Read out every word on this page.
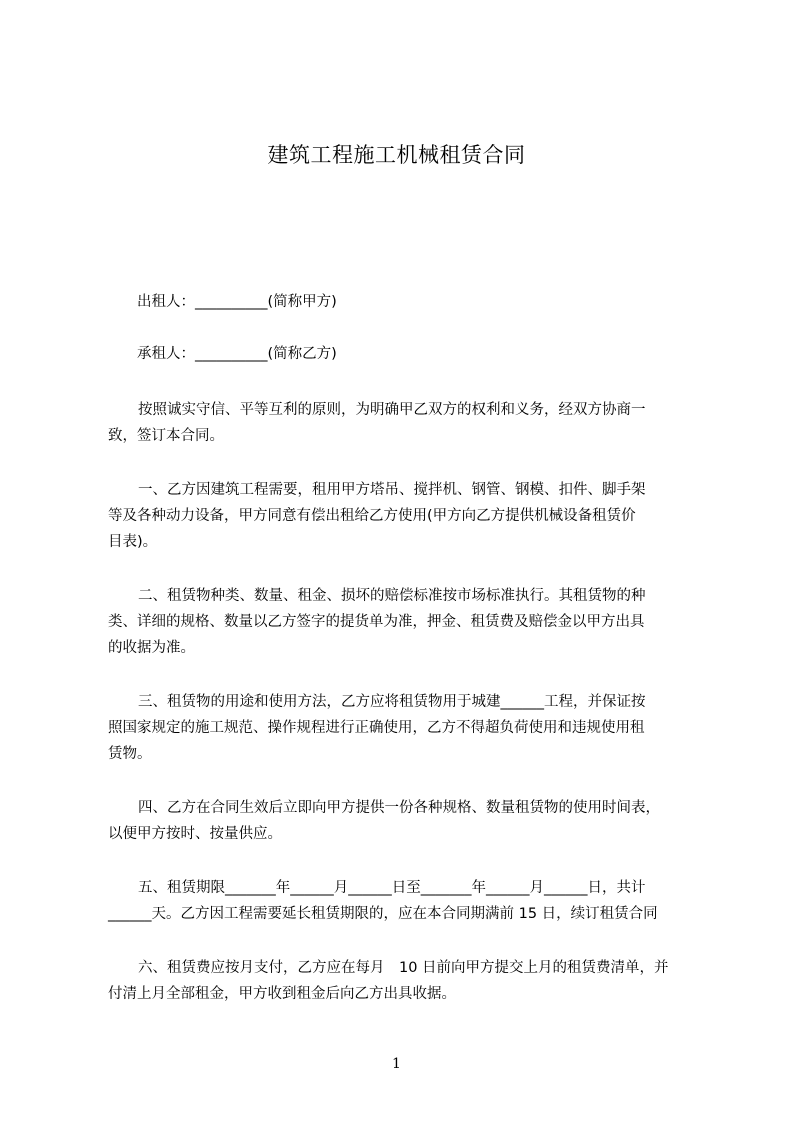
建筑工程施工机械租赁合同
出租人：__________(简称甲方)
承租人：__________(简称乙方)
按照诚实守信、平等互利的原则，为明确甲乙双方的权利和义务，经双方协商一
致，签订本合同。
一、乙方因建筑工程需要，租用甲方塔吊、搅拌机、钢管、钢模、扣件、脚手架
等及各种动力设备，甲方同意有偿出租给乙方使用(甲方向乙方提供机械设备租赁价
目表)。
二、租赁物种类、数量、租金、损坏的赔偿标准按市场标准执行。其租赁物的种
类、详细的规格、数量以乙方签字的提货单为准，押金、租赁费及赔偿金以甲方出具
的收据为准。
三、租赁物的用途和使用方法，乙方应将租赁物用于城建______工程，并保证按
照国家规定的施工规范、操作规程进行正确使用，乙方不得超负荷使用和违规使用租
赁物。
四、乙方在合同生效后立即向甲方提供一份各种规格、数量租赁物的使用时间表，
以便甲方按时、按量供应。
五、租赁期限_______年______月______日至_______年______月______日，共计
______天。乙方因工程需要延长租赁期限的，应在本合同期满前 15 日，续订租赁合同
六、租赁费应按月支付，乙方应在每月　10 日前向甲方提交上月的租赁费清单，并
付清上月全部租金，甲方收到租金后向乙方出具收据。
1
